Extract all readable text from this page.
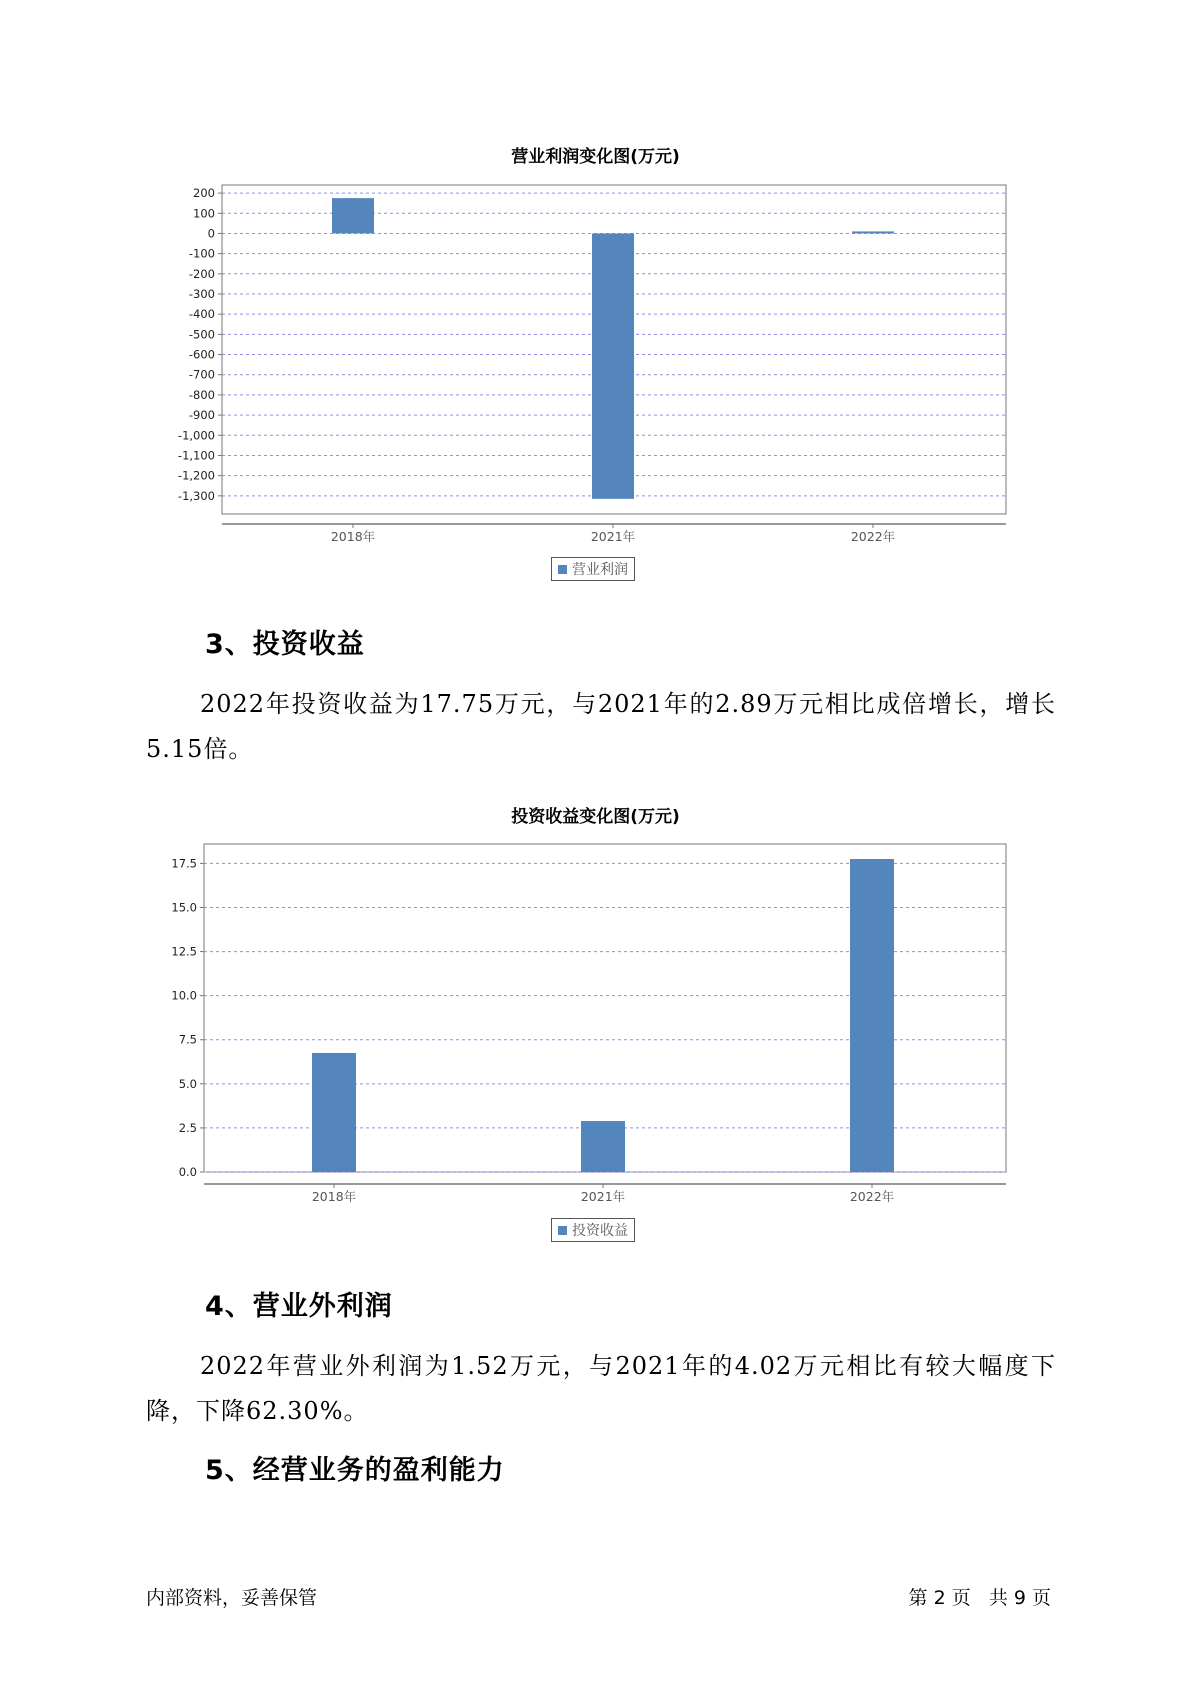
营业利润变化图(万元)
200
100
0
-100
-200
-300
-400
-500
-600
-700
-800
-900
-1,000
-1,100
-1,200
-1,300
2018年	2021年	2022年
营业利润
3、投资收益
2022年投资收益为17.75万元，与2021年的2.89万元相比成倍增长，增长5.15倍。
投资收益变化图(万元)
0.0
2.5
5.0
7.5
10.0
12.5
15.0
17.5
2018年	2021年	2022年
投资收益
4、营业外利润
2022年营业外利润为1.52万元，与2021年的4.02万元相比有较大幅度下降，下降62.30%。
5、经营业务的盈利能力
内部资料，妥善保管	第 2 页   共 9 页
